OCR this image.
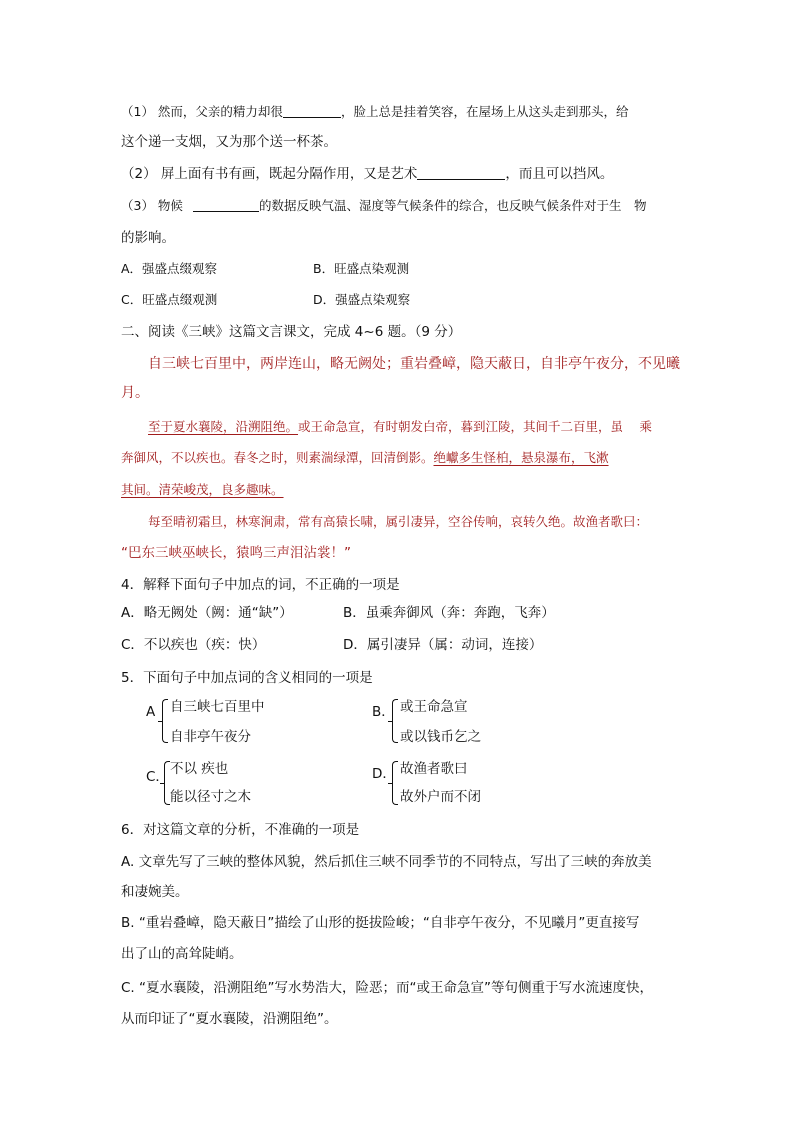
（1） 然而，父亲的精力却很	，脸上总是挂着笑容，在屋场上从这头走到那头，给
这个递一支烟，又为那个送一杯茶。
（2） 屏上面有书有画，既起分隔作用，又是艺术	，而且可以挡风。
（3） 物候	的数据反映气温、湿度等气候条件的综合，也反映气候条件对于生　物
的影响。
A．强盛点缀观察	B．旺盛点染观测
C．旺盛点缀观测	D．强盛点染观察
二、阅读《三峡》这篇文言课文，完成 4~6 题。（9 分）
自三峡七百里中，两岸连山，略无阙处；重岩叠嶂，隐天蔽日，自非亭午夜分，不见曦
月。
至于夏水襄陵，沿溯阻绝。或王命急宣，有时朝发白帝，暮到江陵，其间千二百里，虽　 乘
奔御风，不以疾也。春冬之时，则素湍绿潭，回清倒影。绝巘多生怪柏，悬泉瀑布，飞漱
其间。清荣峻茂，良多趣味。
每至晴初霜旦，林寒涧肃，常有高猿长啸，属引凄异，空谷传响，哀转久绝。故渔者歌曰：
“巴东三峡巫峡长，猿鸣三声泪沾裳！”
4．解释下面句子中加点的词，不正确的一项是
A．略无阙处（阙：通“缺”）	B．虽乘奔御风（奔：奔跑，飞奔）
C．不以疾也（疾：快）	D．属引凄异（属：动词，连接）
5．下面句子中加点词的含义相同的一项是
A 自三峡七百里中
自非亭午夜分
B． 或王命急宣
或以钱币乞之
C． 不以 疾也
能以径寸之木
D． 故渔者歌曰
故外户而不闭
6．对这篇文章的分析，不准确的一项是
A. 文章先写了三峡的整体风貌，然后抓住三峡不同季节的不同特点，写出了三峡的奔放美
和凄婉美。
B. “重岩叠嶂，隐天蔽日”描绘了山形的挺拔险峻；“自非亭午夜分，不见曦月”更直接写
出了山的高耸陡峭。
C. “夏水襄陵，沿溯阻绝”写水势浩大，险恶；而“或王命急宣”等句侧重于写水流速度快，
从而印证了“夏水襄陵，沿溯阻绝”。
